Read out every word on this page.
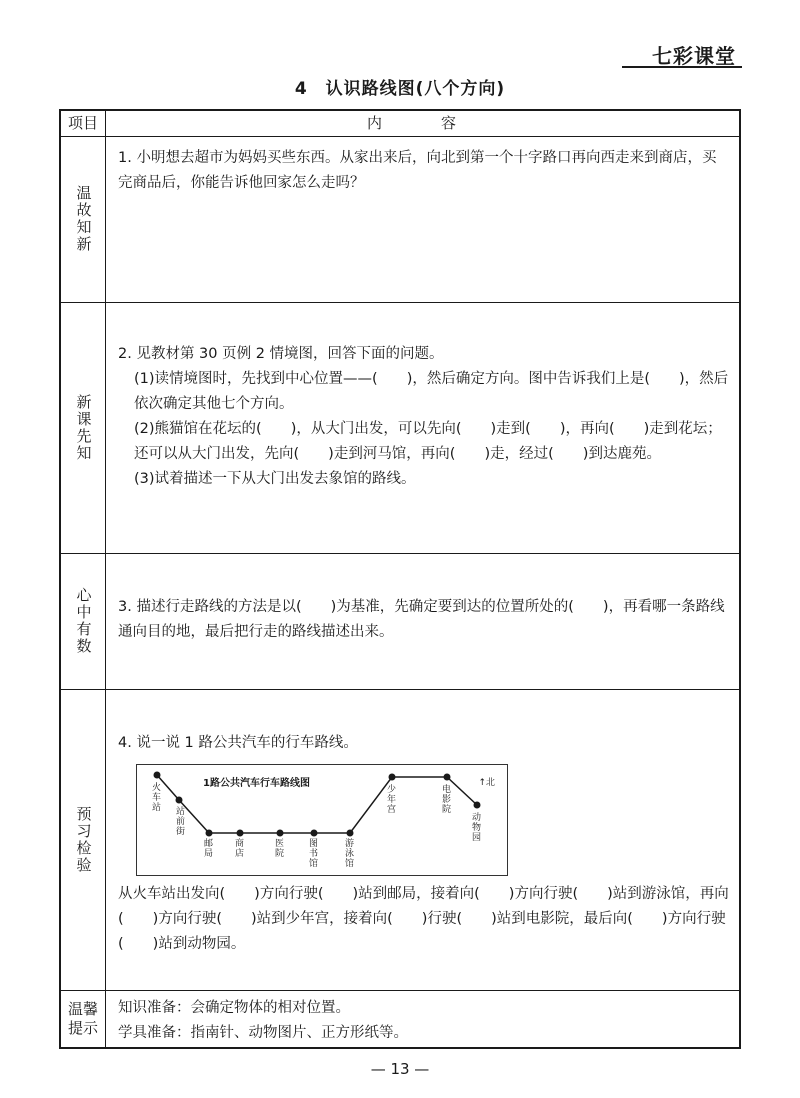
七彩课堂
4　认识路线图(八个方向)
项目	内　容
温故知新

1. 小明想去超市为妈妈买些东西。从家出来后，向北到第一个十字路口再向西走来到商店，买完商品后，你能告诉他回家怎么走吗？

新课先知

2. 见教材第 30 页例 2 情境图，回答下面的问题。

(1)读情境图时，先找到中心位置——(　　)，然后确定方向。图中告诉我们上是(　　)，然后依次确定其他七个方向。

(2)熊猫馆在花坛的(　　)，从大门出发，可以先向(　　)走到(　　)，再向(　　)走到花坛；还可以从大门出发，先向(　　)走到河马馆，再向(　　)走，经过(　　)到达鹿苑。

(3)试着描述一下从大门出发去象馆的路线。

心中有数 3. 描述行走路线的方法是以(　　)为基准，先确定要到达的位置所处的(　　)，再看哪一条路线通向目的地，最后把行走的路线描述出来。

预习检验

4. 说一说 1 路公共汽车的行车路线。

1路公共汽车行车路线图	↑北
火车站 站前街
邮局
商店
医院
图书馆
游泳馆
少年宫
电影院
动物园

从火车站出发向(　　)方向行驶(　　)站到邮局，接着向(　　)方向行驶(　　)站到游泳馆，再向(　　)方向行驶(　　)站到少年宫，接着向(　　)行驶(　　)站到电影院，最后向(　　)方向行驶(　　)站到动物园。

温馨提示

知识准备：会确定物体的相对位置。

学具准备：指南针、动物图片、正方形纸等。

— 13 —
